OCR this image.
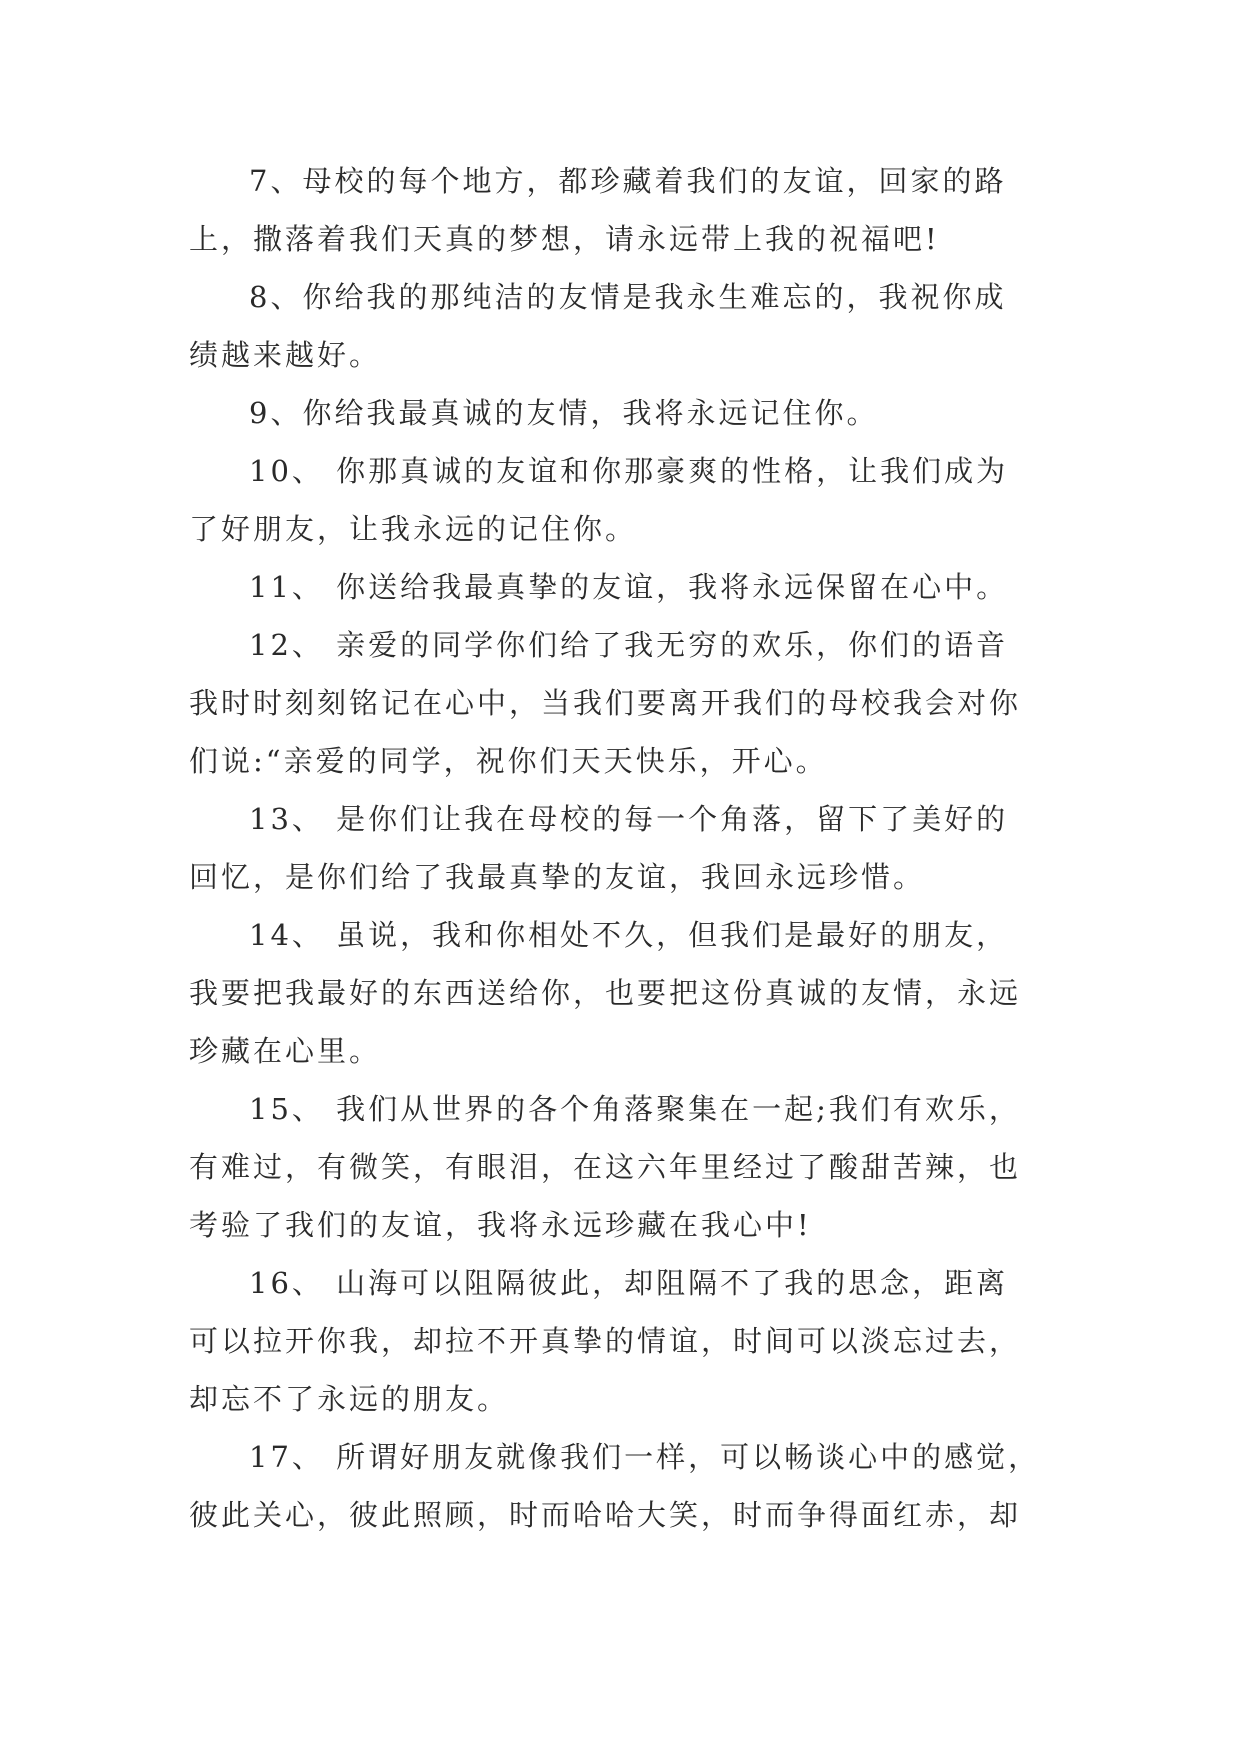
7、母校的每个地方，都珍藏着我们的友谊，回家的路
上，撒落着我们天真的梦想，请永远带上我的祝福吧!
8、你给我的那纯洁的友情是我永生难忘的，我祝你成
绩越来越好。
9、你给我最真诚的友情，我将永远记住你。
10、 你那真诚的友谊和你那豪爽的性格，让我们成为
了好朋友，让我永远的记住你。
11、 你送给我最真挚的友谊，我将永远保留在心中。
12、 亲爱的同学你们给了我无穷的欢乐，你们的语音
我时时刻刻铭记在心中，当我们要离开我们的母校我会对你
们说:“亲爱的同学，祝你们天天快乐，开心。
13、 是你们让我在母校的每一个角落，留下了美好的
回忆，是你们给了我最真挚的友谊，我回永远珍惜。
14、 虽说，我和你相处不久，但我们是最好的朋友，
我要把我最好的东西送给你，也要把这份真诚的友情，永远
珍藏在心里。
15、 我们从世界的各个角落聚集在一起;我们有欢乐，
有难过，有微笑，有眼泪，在这六年里经过了酸甜苦辣，也
考验了我们的友谊，我将永远珍藏在我心中!
16、 山海可以阻隔彼此，却阻隔不了我的思念，距离
可以拉开你我，却拉不开真挚的情谊，时间可以淡忘过去，
却忘不了永远的朋友。
17、 所谓好朋友就像我们一样，可以畅谈心中的感觉，
彼此关心，彼此照顾，时而哈哈大笑，时而争得面红赤，却
